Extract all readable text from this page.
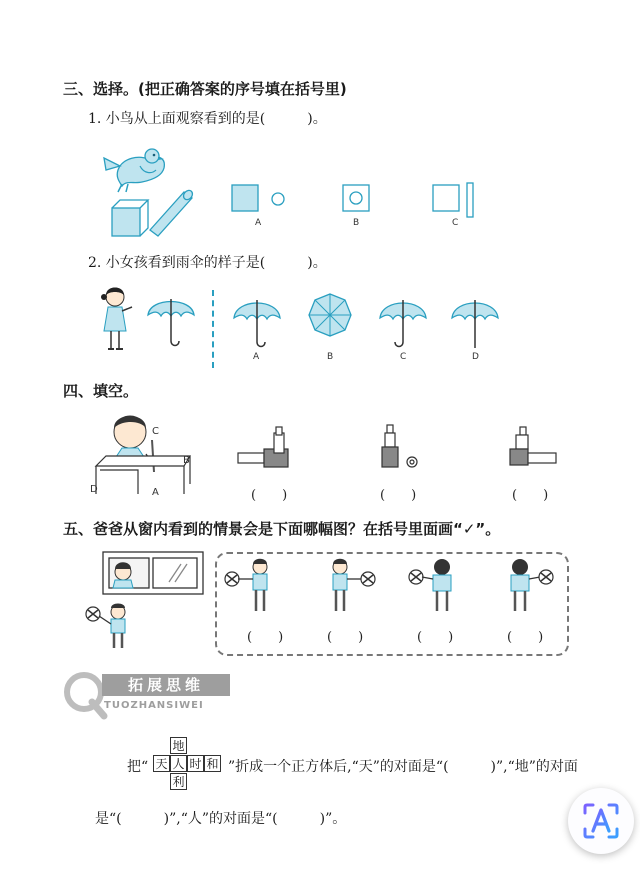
三、选择。(把正确答案的序号填在括号里)
1. 小鸟从上面观察看到的是(　　　)。
A	B	C
2. 小女孩看到雨伞的样子是(　　　)。
A	B	C	D
四、填空。
C
B
D	A	(　　)	(　　)	(　　)
五、爸爸从窗内看到的情景会是下面哪幅图？在括号里面画“✓”。
(　　)	(　　)	(　　)	(　　)
拓展思维
TUOZHANSIWEI
把“
地
天 人 时 和
利
”折成一个正方体后,“天”的对面是“(　　　)”,“地”的对面
是“(　　　)”,“人”的对面是“(　　　)”。
